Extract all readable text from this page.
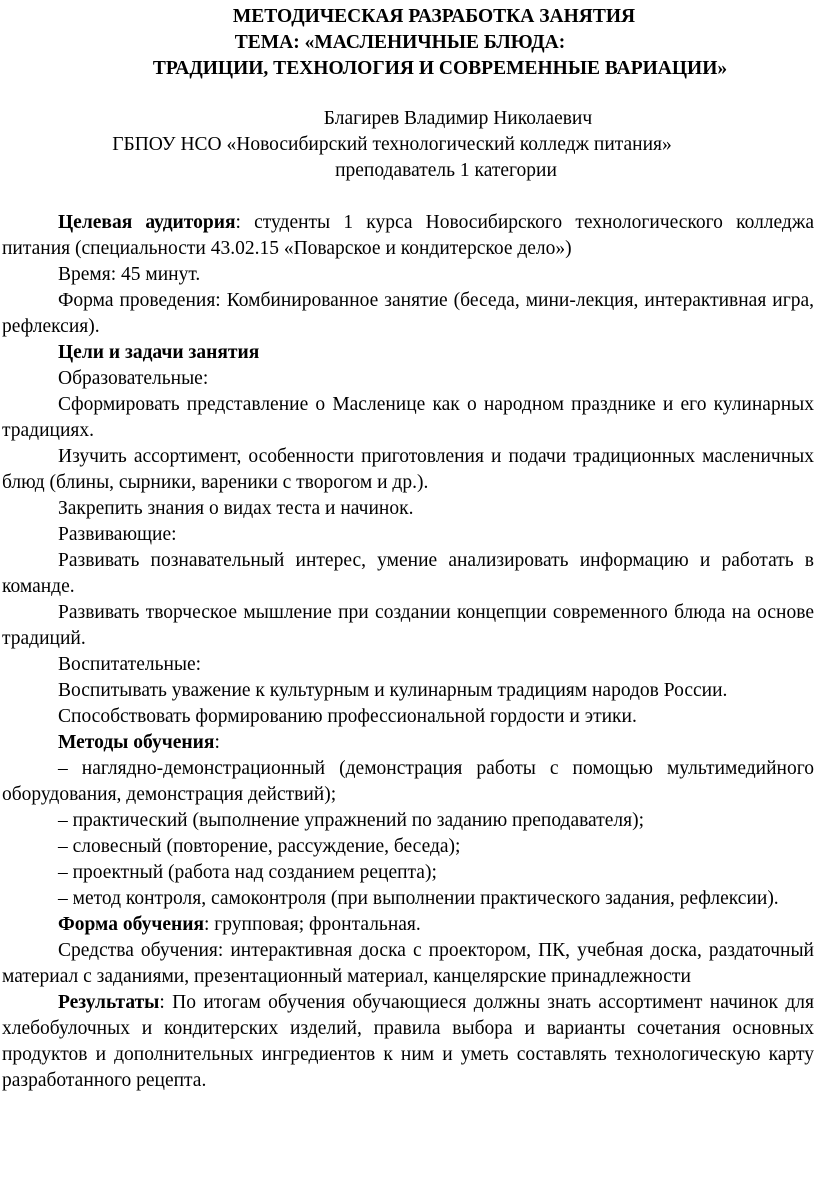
МЕТОДИЧЕСКАЯ РАЗРАБОТКА ЗАНЯТИЯ
ТЕМА: «МАСЛЕНИЧНЫЕ БЛЮДА:
ТРАДИЦИИ, ТЕХНОЛОГИЯ И СОВРЕМЕННЫЕ ВАРИАЦИИ»
Благирев Владимир Николаевич
ГБПОУ НСО «Новосибирский технологический колледж питания»
преподаватель 1 категории

Целевая аудитория: студенты 1 курса Новосибирского технологического колледжа питания (специальности 43.02.15 «Поварское и кондитерское дело»)

Время: 45 минут.

Форма проведения: Комбинированное занятие (беседа, мини-лекция, интерактивная игра, рефлексия).

Цели и задачи занятия

Образовательные:

Сформировать представление о Масленице как о народном празднике и его кулинарных традициях.

Изучить ассортимент, особенности приготовления и подачи традиционных масленичных блюд (блины, сырники, вареники с творогом и др.).

Закрепить знания о видах теста и начинок.

Развивающие:

Развивать познавательный интерес, умение анализировать информацию и работать в команде.

Развивать творческое мышление при создании концепции современного блюда на основе традиций.

Воспитательные:

Воспитывать уважение к культурным и кулинарным традициям народов России.

Способствовать формированию профессиональной гордости и этики.

Методы обучения:

– наглядно-демонстрационный (демонстрация работы с помощью мультимедийного оборудования, демонстрация действий);

– практический (выполнение упражнений по заданию преподавателя);

– словесный (повторение, рассуждение, беседа);

– проектный (работа над созданием рецепта);

– метод контроля, самоконтроля (при выполнении практического задания, рефлексии).

Форма обучения: групповая; фронтальная.

Средства обучения: интерактивная доска с проектором, ПК, учебная доска, раздаточный материал с заданиями, презентационный материал, канцелярские принадлежности

Результаты: По итогам обучения обучающиеся должны знать ассортимент начинок для хлебобулочных и кондитерских изделий, правила выбора и варианты сочетания основных продуктов и дополнительных ингредиентов к ним и уметь составлять технологическую карту разработанного рецепта.
